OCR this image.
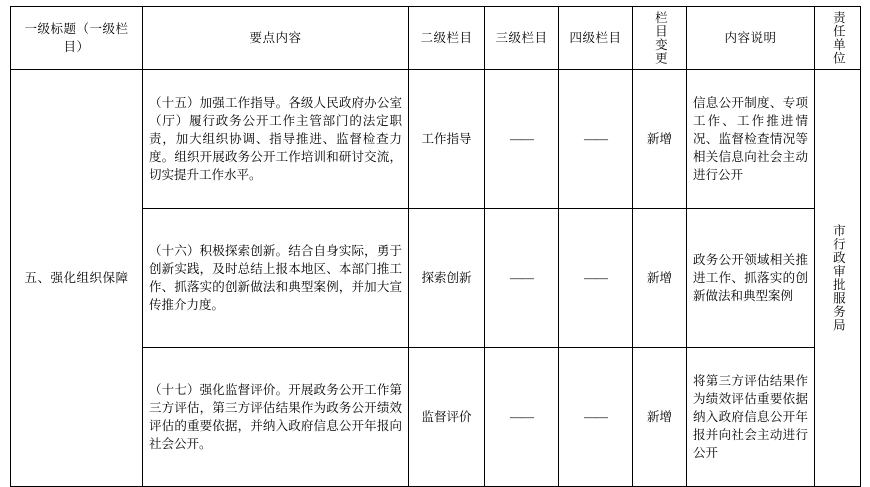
一级标题（一级栏目）	要点内容	二级栏目	三级栏目	四级栏目	栏目变更	内容说明	责任单位

五、强化组织保障	（十五）加强工作指导。各级人民政府办公室（厅）履行政务公开工作主管部门的法定职责，加大组织协调、指导推进、监督检查力度。组织开展政务公开工作培训和研讨交流，切实提升工作水平。	工作指导	——	——	新增	信息公开制度、专项工作、工作推进情况、监督检查情况等相关信息向社会主动进行公开	市行政审批服务局

	（十六）积极探索创新。结合自身实际，勇于创新实践，及时总结上报本地区、本部门推工作、抓落实的创新做法和典型案例，并加大宣传推介力度。	探索创新	——	——	新增	政务公开领域相关推进工作、抓落实的创新做法和典型案例	
	（十七）强化监督评价。开展政务公开工作第三方评估，第三方评估结果作为政务公开绩效评估的重要依据，并纳入政府信息公开年报向社会公开。	监督评价	——	——	新增	将第三方评估结果作为绩效评估重要依据纳入政府信息公开年报并向社会主动进行公开	
